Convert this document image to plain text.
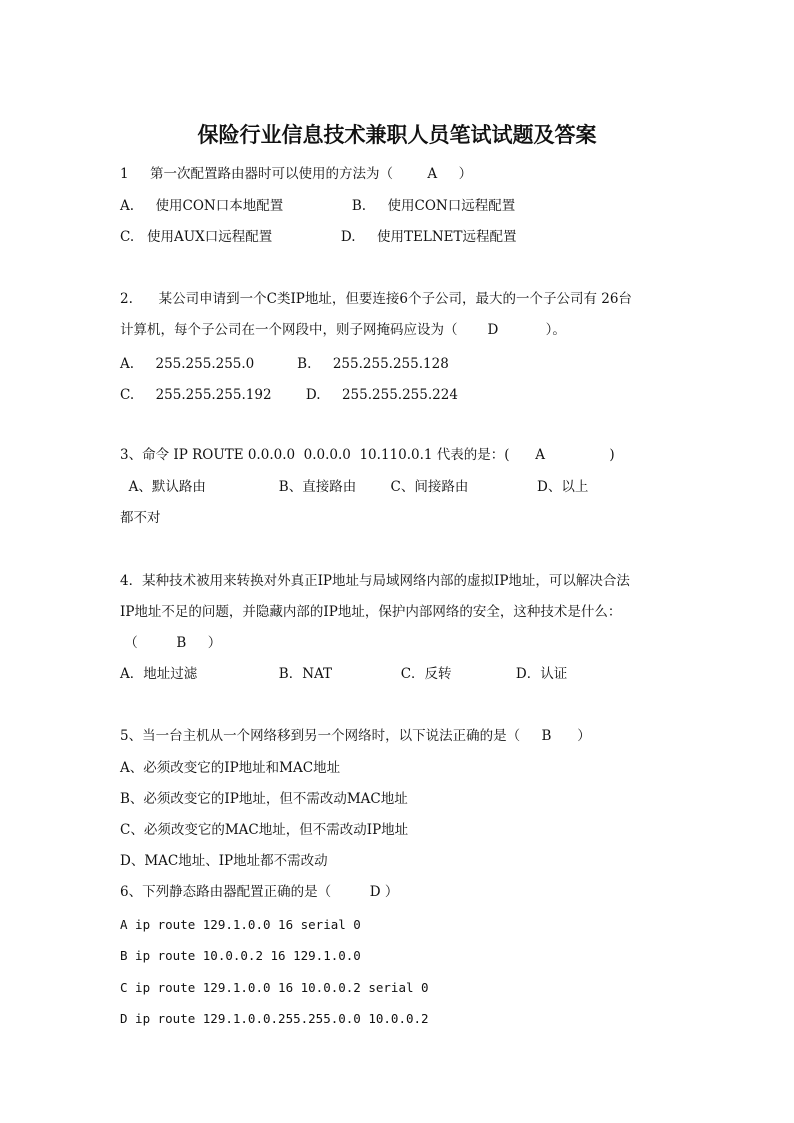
保险行业信息技术兼职人员笔试试题及答案

1     第一次配置路由器时可以使用的方法为（        A     ）

A.     使用CON口本地配置                B.     使用CON口远程配置

C.   使用AUX口远程配置                D.     使用TELNET远程配置

2.      某公司申请到一个C类IP地址，但要连接6个子公司，最大的一个子公司有 26台

计算机，每个子公司在一个网段中，则子网掩码应设为（       D           ）。

A.     255.255.255.0          B.     255.255.255.128

C.     255.255.255.192        D.     255.255.255.224

3、命令 IP ROUTE 0.0.0.0  0.0.0.0  10.110.0.1 代表的是：(      A               )

A、默认路由                 B、直接路由        C、间接路由                D、以上

都不对

4．某种技术被用来转换对外真正IP地址与局域网络内部的虚拟IP地址，可以解决合法

IP地址不足的问题，并隐藏内部的IP地址，保护内部网络的安全，这种技术是什么：

（         B     ）

A．地址过滤                   B．NAT                C．反转               D．认证

5、当一台主机从一个网络移到另一个网络时，以下说法正确的是（     B      ）

A、必须改变它的IP地址和MAC地址

B、必须改变它的IP地址，但不需改动MAC地址

C、必须改变它的MAC地址，但不需改动IP地址

D、MAC地址、IP地址都不需改动

6、下列静态路由器配置正确的是（         D ）

A ip route 129.1.0.0 16 serial 0

B ip route 10.0.0.2 16 129.1.0.0

C ip route 129.1.0.0 16 10.0.0.2 serial 0

D ip route 129.1.0.0.255.255.0.0 10.0.0.2
